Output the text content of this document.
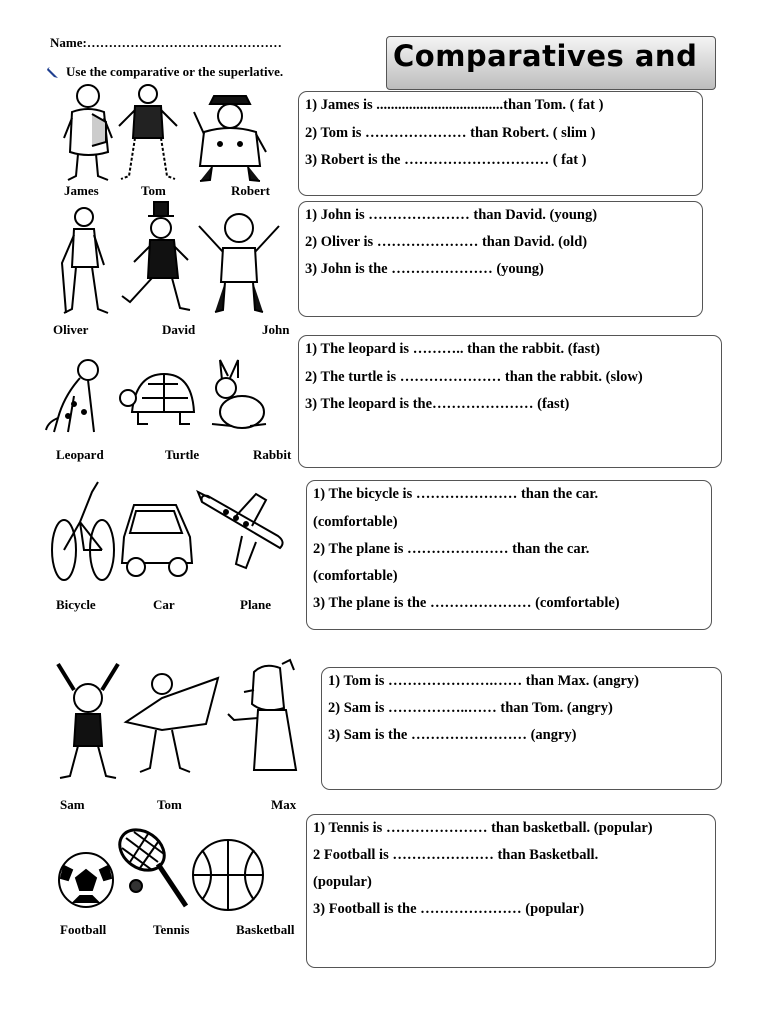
Name:………………………………………	Comparatives and
Use the comparative or the superlative.
James	Tom	Robert
1) James is ...................................than Tom. ( fat )
2) Tom is ………………… than Robert. ( slim )
3) Robert is the ………………………… ( fat )
Oliver	David	John
1) John is ………………… than David. (young)
2) Oliver is ………………… than David. (old)
3) John is the ………………… (young)
Leopard	Turtle	Rabbit
1) The leopard is ……….. than the rabbit. (fast)
2) The turtle is ………………… than the rabbit. (slow)
3) The leopard is the………………… (fast)
Bicycle	Car	Plane
1) The bicycle is ………………… than the car.
(comfortable)
2) The plane is ………………… than the car.
(comfortable)
3) The plane is the ………………… (comfortable)
Sam	Tom	Max
1) Tom is ………………….…… than Max. (angry)
2) Sam is ……………..…… than Tom. (angry)
3) Sam is the …………………… (angry)
Football	Tennis	Basketball
1) Tennis is ………………… than basketball. (popular)
2 Football is ………………… than Basketball.
(popular)
3) Football is the ………………… (popular)
